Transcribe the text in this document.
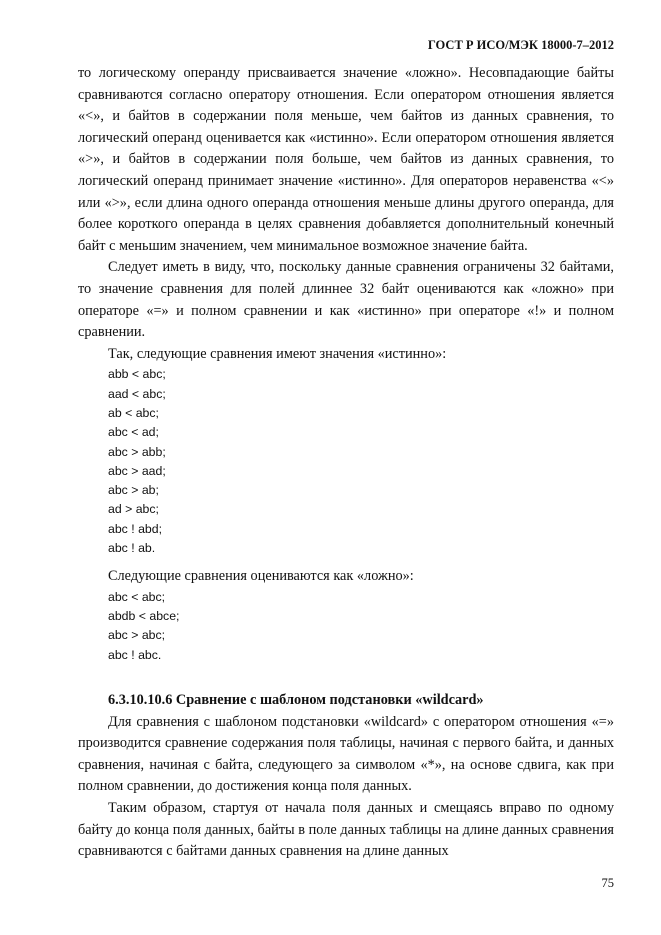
ГОСТ Р ИСО/МЭК 18000-7–2012

то логическому операнду присваивается значение «ложно». Несовпадающие байты сравниваются согласно оператору отношения. Если оператором отношения является «<», и байтов в содержании поля меньше, чем байтов из данных сравнения, то логический операнд оценивается как «истинно». Если оператором отношения является «>», и байтов в содержании поля больше, чем байтов из данных сравнения, то логический операнд принимает значение «истинно». Для операторов неравенства «<» или «>», если длина одного операнда отношения меньше длины другого операнда, для более короткого операнда в целях сравнения добавляется дополнительный конечный байт с меньшим значением, чем минимальное возможное значение байта.

Следует иметь в виду, что, поскольку данные сравнения ограничены 32 байтами, то значение сравнения для полей длиннее 32 байт оцениваются как «ложно» при операторе «=» и полном сравнении и как «истинно» при операторе «!» и полном сравнении.

Так, следующие сравнения имеют значения «истинно»:

abb < abc;
aad < abc;
ab < abc;
abc < ad;
abc > abb;
abc > aad;
abc > ab;
ad > abc;
abc ! abd;
abc ! ab.

Следующие сравнения оцениваются как «ложно»:

abc < abc;
abdb < abce;
abc > abc;
abc ! abc.

6.3.10.10.6 Сравнение с шаблоном подстановки «wildcard»

Для сравнения с шаблоном подстановки «wildcard» с оператором отношения «=» производится сравнение содержания поля таблицы, начиная с первого байта, и данных сравнения, начиная с байта, следующего за символом «*», на основе сдвига, как при полном сравнении, до достижения конца поля данных.

Таким образом, стартуя от начала поля данных и смещаясь вправо по одному байту до конца поля данных, байты в поле данных таблицы на длине данных сравнения сравниваются с байтами данных сравнения на длине данных

75
